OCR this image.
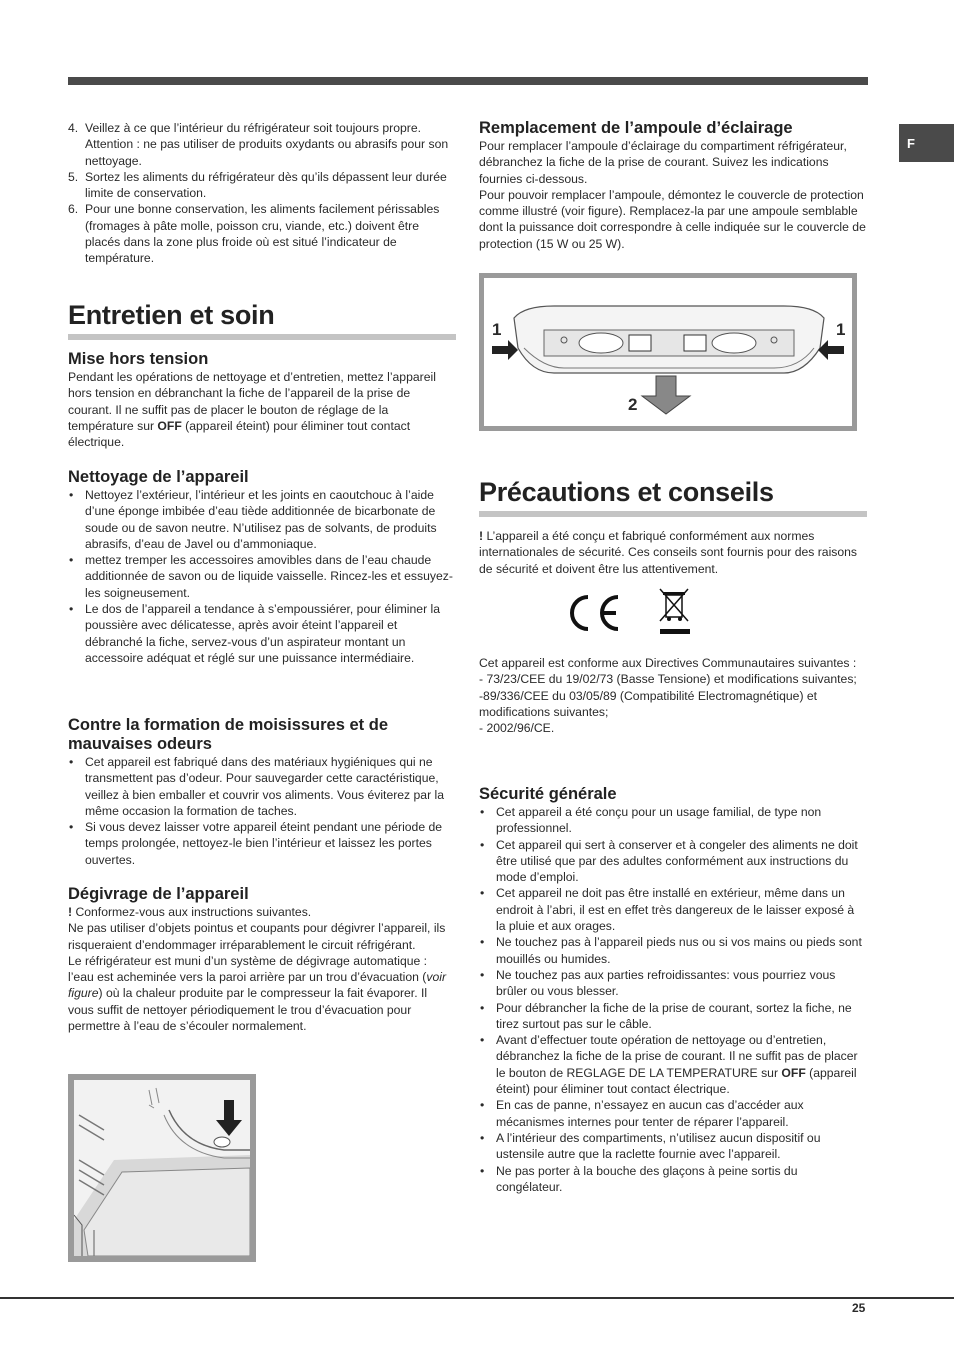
F
4. Veillez à ce que l’intérieur du réfrigérateur soit toujours propre. Attention : ne pas utiliser de produits oxydants ou abrasifs pour son nettoyage.
5. Sortez les aliments du réfrigérateur dès qu’ils dépassent leur durée limite de conservation.
6. Pour une bonne conservation, les aliments facilement périssables (fromages à pâte molle, poisson cru, viande, etc.) doivent être placés dans la zone plus froide où est situé l’indicateur de température.
Entretien et soin
Mise hors tension

Pendant les opérations de nettoyage et d’entretien, mettez l’appareil hors tension en débranchant la fiche de l’appareil de la prise de courant. Il ne suffit pas de placer le bouton de réglage de la température sur OFF (appareil éteint) pour éliminer tout contact électrique.

Nettoyage de l’appareil
• Nettoyez l’extérieur, l’intérieur et les joints en caoutchouc à l’aide d’une éponge imbibée d’eau tiède additionnée de bicarbonate de soude ou de savon neutre. N’utilisez pas de solvants, de produits abrasifs, d’eau de Javel ou d’ammoniaque.
• mettez tremper les accessoires amovibles dans de l’eau chaude additionnée de savon ou de liquide vaisselle. Rincez-les et essuyez-les soigneusement.
• Le dos de l’appareil a tendance à s’empoussiérer, pour éliminer la poussière avec délicatesse, après avoir éteint l’appareil et débranché la fiche, servez-vous d’un aspirateur montant un accessoire adéquat et réglé sur une puissance intermédiaire.
Contre la formation de moisissures et de mauvaises odeurs
• Cet appareil est fabriqué dans des matériaux hygiéniques qui ne transmettent pas d’odeur. Pour sauvegarder cette caractéristique, veillez à bien emballer et couvrir vos aliments. Vous éviterez par la même occasion la formation de taches.
• Si vous devez laisser votre appareil éteint pendant une période de temps prolongée, nettoyez-le bien l’intérieur et laissez les portes ouvertes.
Dégivrage de l’appareil

! Conformez-vous aux instructions suivantes.

Ne pas utiliser d’objets pointus et coupants pour dégivrer l’appareil, ils risqueraient d’endommager irréparablement le circuit réfrigérant.

Le réfrigérateur est muni d’un système de dégivrage automatique : l’eau est acheminée vers la paroi arrière par un trou d’évacuation (voir figure) où la chaleur produite par le compresseur la fait évaporer. Il vous suffit de nettoyer périodiquement le trou d’évacuation pour permettre à l’eau de s’écouler normalement.

Remplacement de l’ampoule d’éclairage

Pour remplacer l’ampoule d’éclairage du compartiment réfrigérateur, débranchez la fiche de la prise de courant. Suivez les indications fournies ci-dessous.

Pour pouvoir remplacer l’ampoule, démontez le couvercle de protection comme illustré (voir figure). Remplacez-la par une ampoule semblable dont la puissance doit correspondre à celle indiquée sur le couvercle de protection (15 W ou 25 W).

1	1
2
Précautions et conseils

! L’appareil a été conçu et fabriqué conformément aux normes internationales de sécurité. Ces conseils sont fournis pour des raisons de sécurité et doivent être lus attentivement.

Cet appareil est conforme aux Directives Communautaires suivantes :

- 73/23/CEE du 19/02/73 (Basse Tensione) et modifications suivantes;

-89/336/CEE du 03/05/89 (Compatibilité Electromagnétique) et modifications suivantes;

- 2002/96/CE.

Sécurité générale
• Cet appareil a été conçu pour un usage familial, de type non professionnel.
• Cet appareil qui sert à conserver et à congeler des aliments ne doit être utilisé que par des adultes conformément aux instructions du mode d’emploi.
• Cet appareil ne doit pas être installé en extérieur, même dans un endroit à l’abri, il est en effet très dangereux de le laisser exposé à la pluie et aux orages.
• Ne touchez pas à l’appareil pieds nus ou si vos mains ou pieds sont mouillés ou humides.
• Ne touchez pas aux parties refroidissantes: vous pourriez vous brûler ou vous blesser.
• Pour débrancher la fiche de la prise de courant, sortez la fiche, ne tirez surtout pas sur le câble.
• Avant d’effectuer toute opération de nettoyage ou d’entretien, débranchez la fiche de la prise de courant. Il ne suffit pas de placer le bouton de REGLAGE DE LA TEMPERATURE sur OFF (appareil éteint) pour éliminer tout contact électrique.
• En cas de panne, n’essayez en aucun cas d’accéder aux mécanismes internes pour tenter de réparer l’appareil.
• A l’intérieur des compartiments, n’utilisez aucun dispositif ou ustensile autre que la raclette fournie avec l’appareil.
• Ne pas porter à la bouche des glaçons à peine sortis du congélateur.
25
